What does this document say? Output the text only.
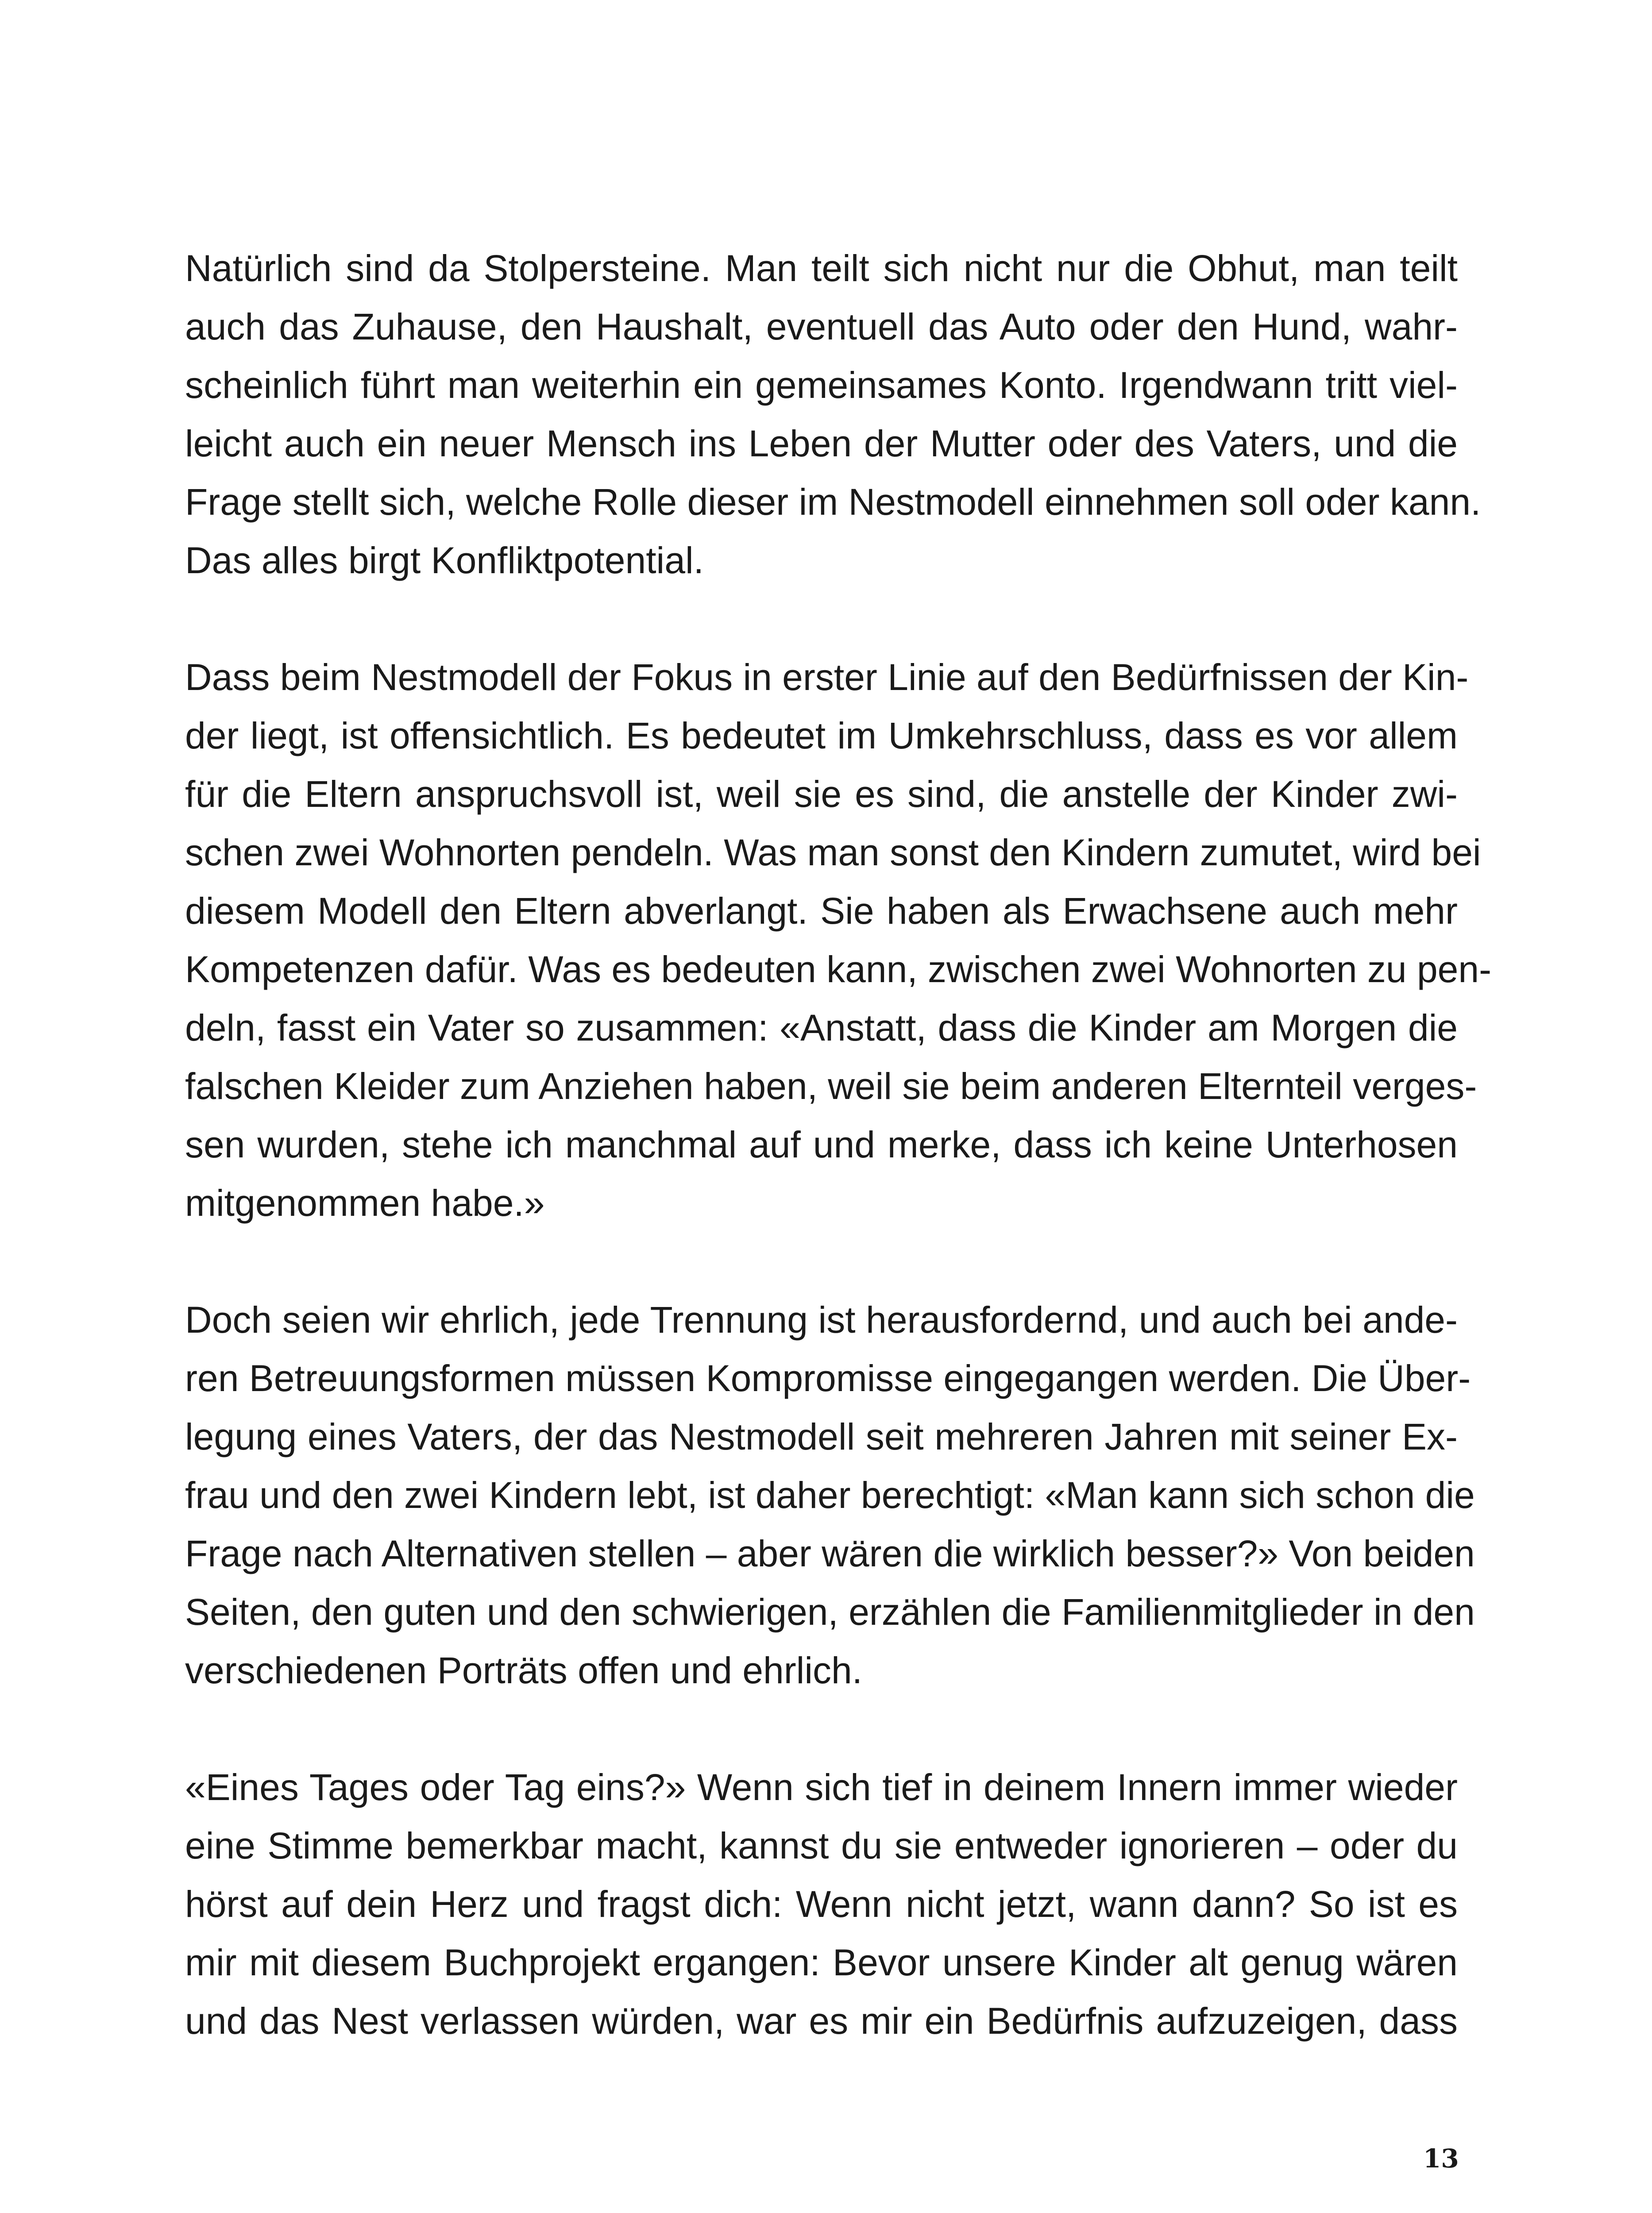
Natürlich sind da Stolpersteine. Man teilt sich nicht nur die Obhut, man teilt
auch das Zuhause, den Haushalt, eventuell das Auto oder den Hund, wahr-
scheinlich führt man weiterhin ein gemeinsames Konto. Irgendwann tritt viel-
leicht auch ein neuer Mensch ins Leben der Mutter oder des Vaters, und die
Frage stellt sich, welche Rolle dieser im Nestmodell einnehmen soll oder kann.
Das alles birgt Konfliktpotential.
Dass beim Nestmodell der Fokus in erster Linie auf den Bedürfnissen der Kin-
der liegt, ist offensichtlich. Es bedeutet im Umkehrschluss, dass es vor allem
für die Eltern anspruchsvoll ist, weil sie es sind, die anstelle der Kinder zwi-
schen zwei Wohnorten pendeln. Was man sonst den Kindern zumutet, wird bei
diesem Modell den Eltern abverlangt. Sie haben als Erwachsene auch mehr
Kompetenzen dafür. Was es bedeuten kann, zwischen zwei Wohnorten zu pen-
deln, fasst ein Vater so zusammen: «Anstatt, dass die Kinder am Morgen die
falschen Kleider zum Anziehen haben, weil sie beim anderen Elternteil verges-
sen wurden, stehe ich manchmal auf und merke, dass ich keine Unterhosen
mitgenommen habe.»
Doch seien wir ehrlich, jede Trennung ist herausfordernd, und auch bei ande-
ren Betreuungsformen müssen Kompromisse eingegangen werden. Die Über-
legung eines Vaters, der das Nestmodell seit mehreren Jahren mit seiner Ex-
frau und den zwei Kindern lebt, ist daher berechtigt: «Man kann sich schon die
Frage nach Alternativen stellen – aber wären die wirklich besser?» Von beiden
Seiten, den guten und den schwierigen, erzählen die Familienmitglieder in den
verschiedenen Porträts offen und ehrlich.
«Eines Tages oder Tag eins?» Wenn sich tief in deinem Innern immer wieder
eine Stimme bemerkbar macht, kannst du sie entweder ignorieren – oder du
hörst auf dein Herz und fragst dich: Wenn nicht jetzt, wann dann? So ist es
mir mit diesem Buchprojekt ergangen: Bevor unsere Kinder alt genug wären
und das Nest verlassen würden, war es mir ein Bedürfnis aufzuzeigen, dass
13
